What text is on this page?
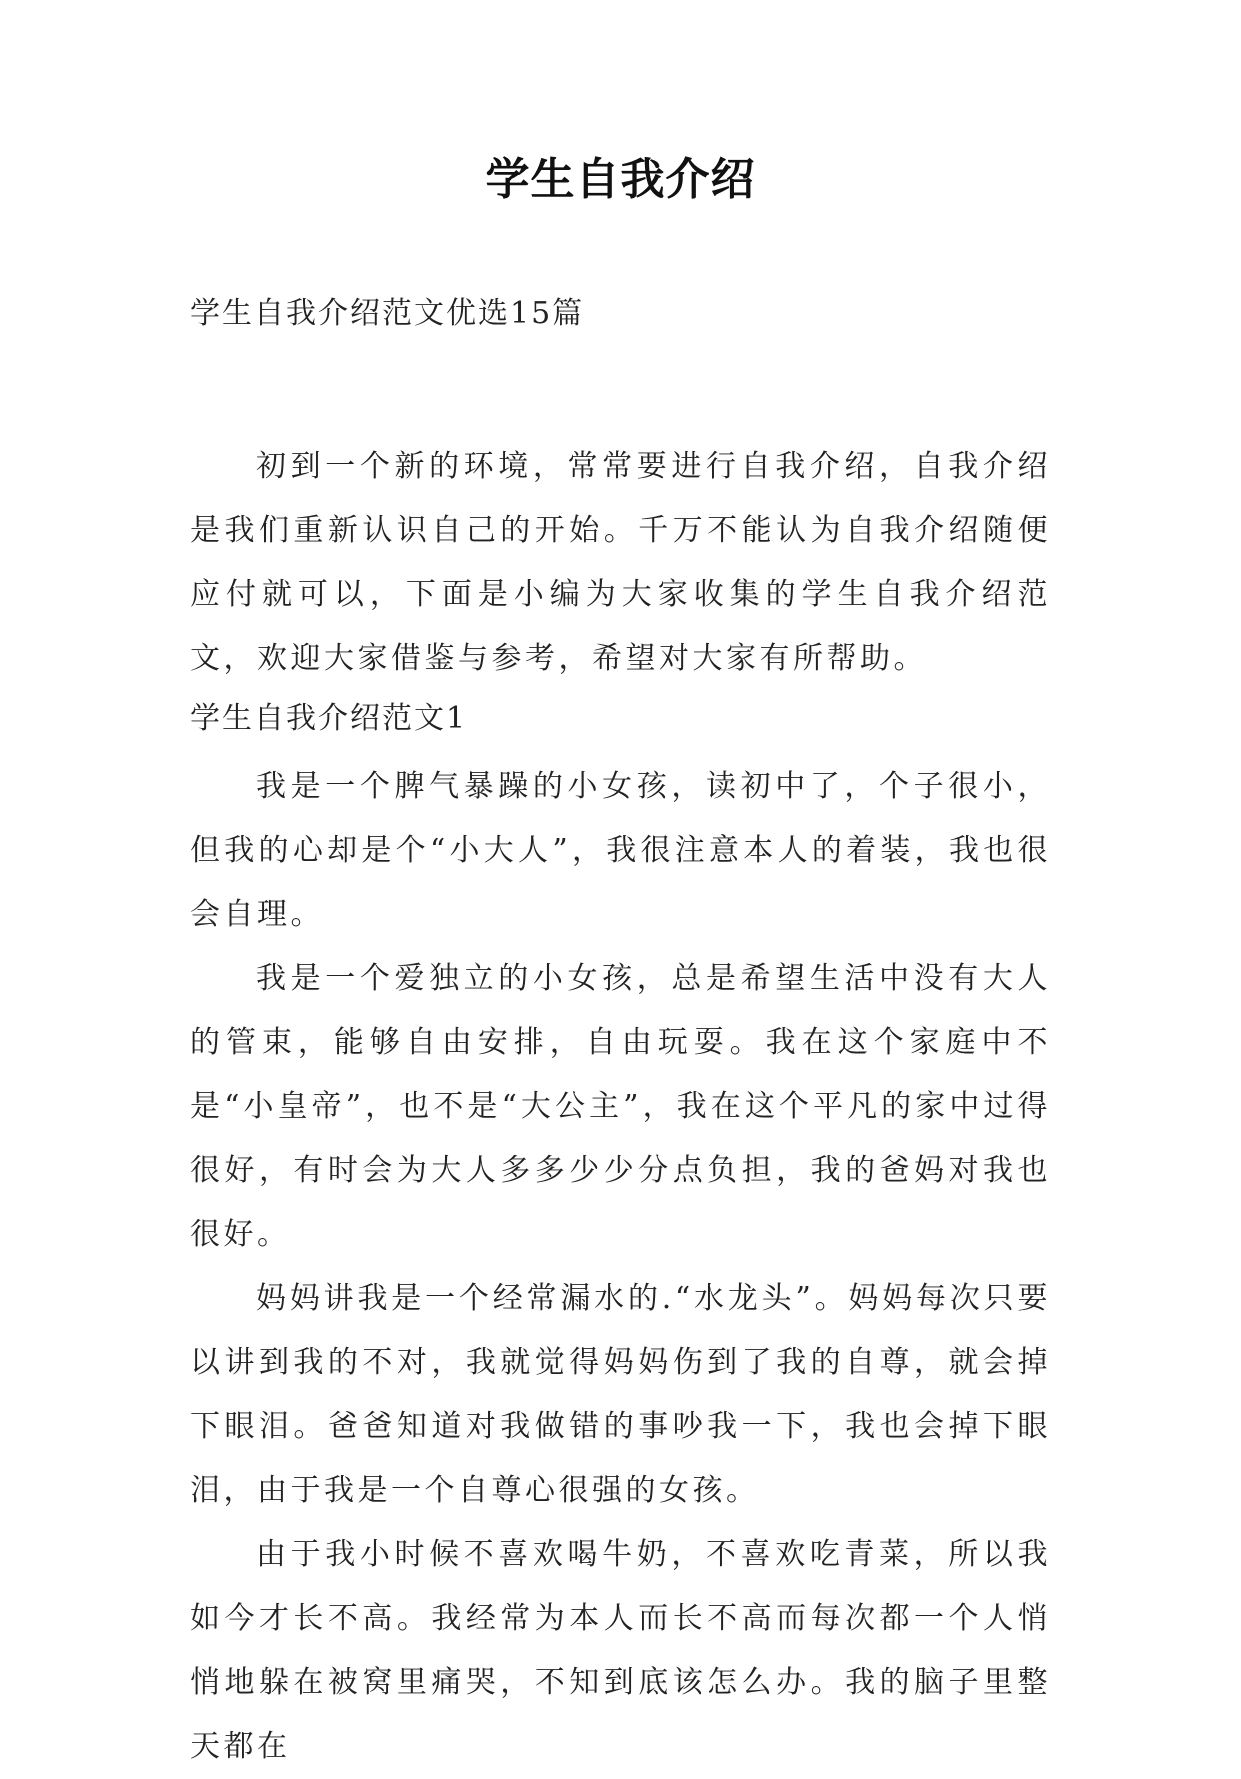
学生自我介绍
学生自我介绍范文优选15篇

初到一个新的环境，常常要进行自我介绍，自我介绍是我们重新认识自己的开始。千万不能认为自我介绍随便应付就可以，下面是小编为大家收集的学生自我介绍范文，欢迎大家借鉴与参考，希望对大家有所帮助。

学生自我介绍范文1

我是一个脾气暴躁的小女孩，读初中了，个子很小，但我的心却是个“小大人”，我很注意本人的着装，我也很会自理。

我是一个爱独立的小女孩，总是希望生活中没有大人的管束，能够自由安排，自由玩耍。我在这个家庭中不是“小皇帝”，也不是“大公主”，我在这个平凡的家中过得很好，有时会为大人多多少少分点负担，我的爸妈对我也很好。

妈妈讲我是一个经常漏水的.“水龙头”。妈妈每次只要以讲到我的不对，我就觉得妈妈伤到了我的自尊，就会掉下眼泪。爸爸知道对我做错的事吵我一下，我也会掉下眼泪，由于我是一个自尊心很强的女孩。

由于我小时候不喜欢喝牛奶，不喜欢吃青菜，所以我如今才长不高。我经常为本人而长不高而每次都一个人悄悄地躲在被窝里痛哭，不知到底该怎么办。我的脑子里整天都在
